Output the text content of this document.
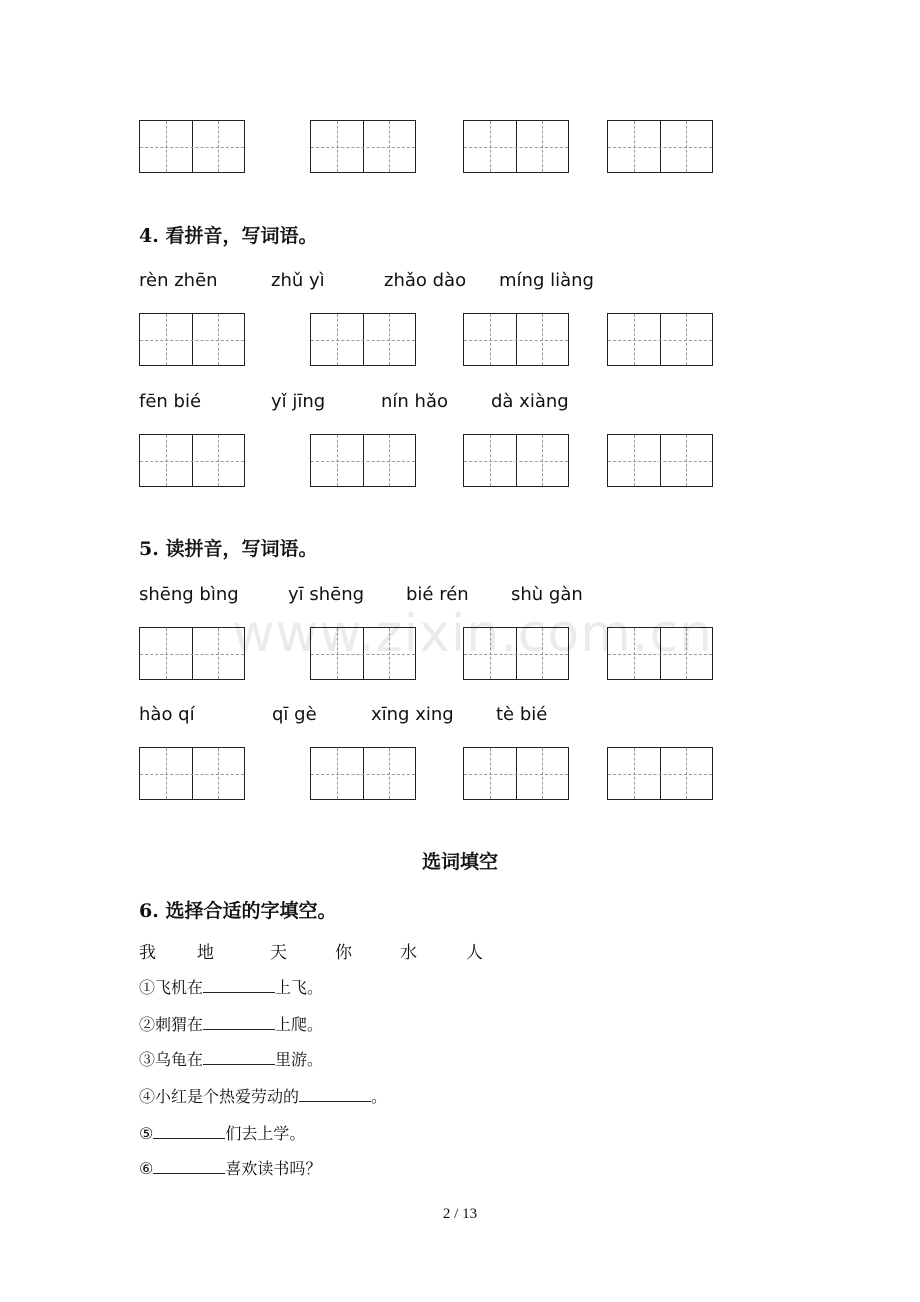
4. 看拼音，写词语。
rèn zhēn	zhǔ yì	zhǎo dào míng liàng
fēn bié	yǐ jīng	nín hǎo dà xiàng
5. 读拼音，写词语。
shēng bìng	yī shēng bié rén shù gàn
hào qí	qī gè	xīng xing tè bié
www.zixin.com.cn
选词填空
6. 选择合适的字填空。
我 地	天	你	水	人
①飞机在	上飞。
②刺猬在	上爬。
③乌龟在	里游。
④小红是个热爱劳动的	。
⑤	们去上学。
⑥	喜欢读书吗？
2 / 13
